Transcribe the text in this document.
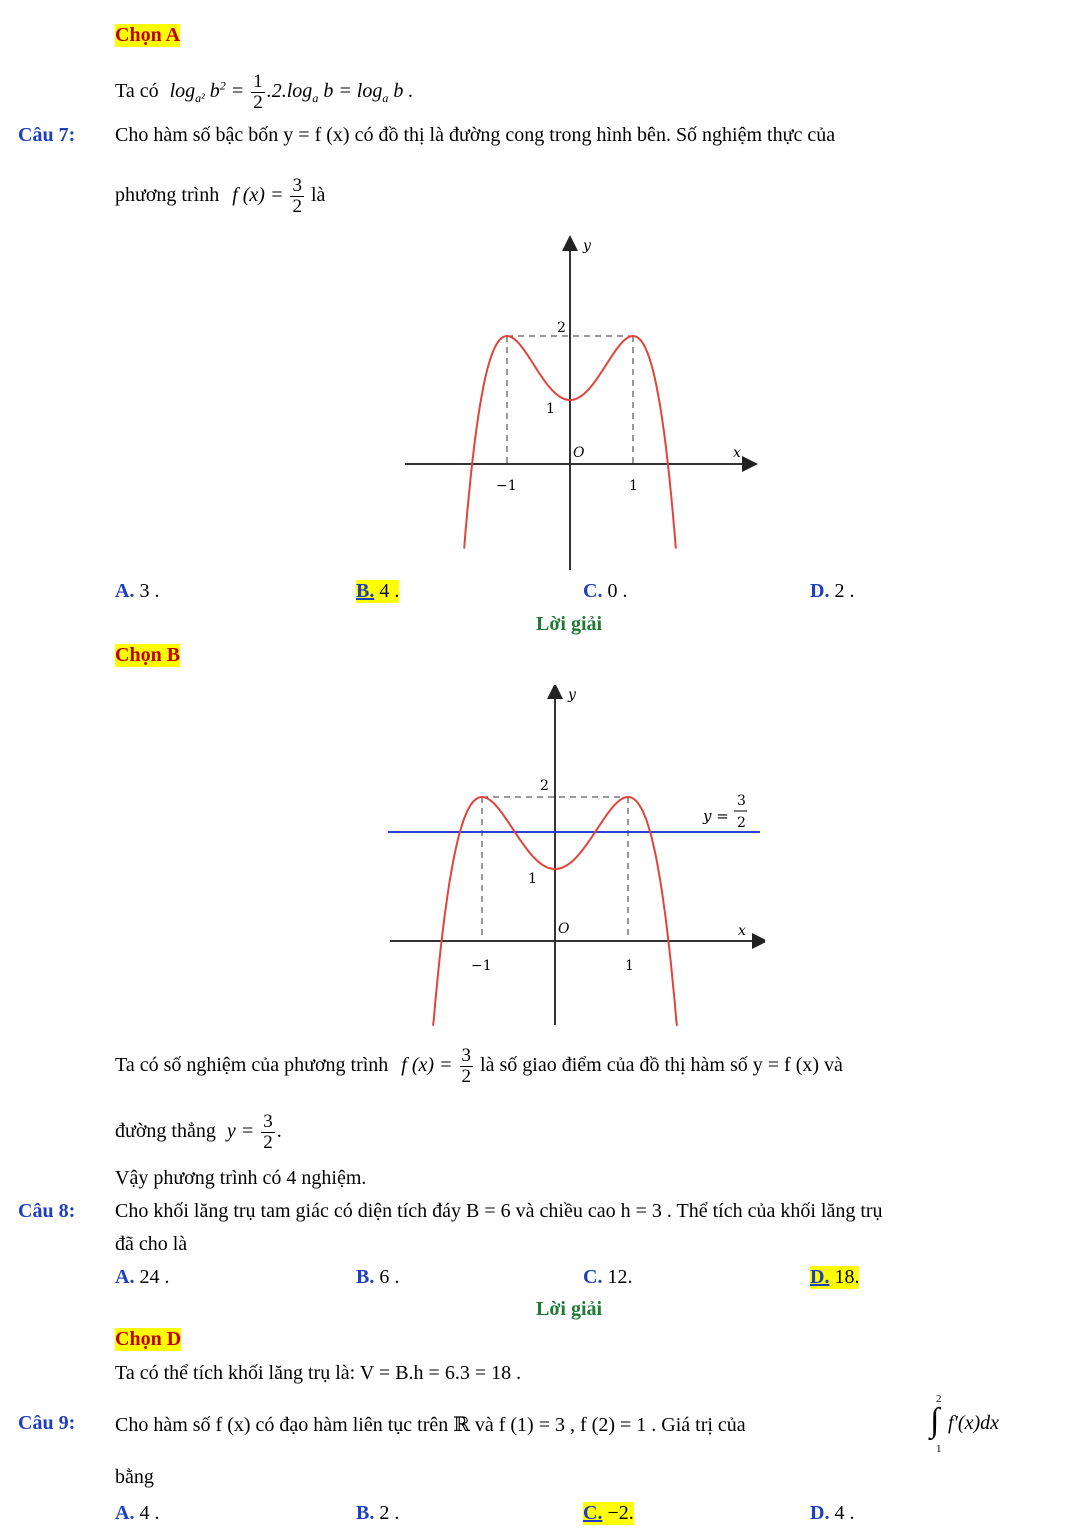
Chọn A
Ta có $\log_{a^2} b^2 = \frac{1}{2} .2.\log_a$ $b = \log_a b$ .
Câu 7: Cho hàm số bậc bốn y = f (x) có đồ thị là đường cong trong hình bên. Số nghiệm thực của
phương trình f $(x) = \frac{3}{2}$ là
y
x
O
2
1
−1	1
A. 3 .	B. 4 .	C. 0 .	D. 2 .
Lời giải
Chọn B
y
x
O
2
1
−1	1
y =
3
2
Ta có số nghiệm của phương trình f $(x) = \frac{3}{2}$ là số giao điểm của đồ thị hàm số y = f (x) và
đường thẳng $y = \frac{3}{2}$ .
Vậy phương trình có 4 nghiệm.
Câu 8: Cho khối lăng trụ tam giác có diện tích đáy B = 6 và chiều cao h = 3 . Thể tích của khối lăng trụ
đã cho là
A. 24 .	B. 6 .	C. 12.	D. 18.
Lời giải
Chọn D
Ta có thể tích khối lăng trụ là: V = B.h = 6.3 = 18 .
Câu 9: Cho hàm số f (x) có đạo hàm liên tục trên ℝ và f (1) = 3 , f (2) = 1 . Giá trị của
2
∫
1
f′(x)dx
bằng
A. 4 .	B. 2 .	C. −2.	D. 4 .
